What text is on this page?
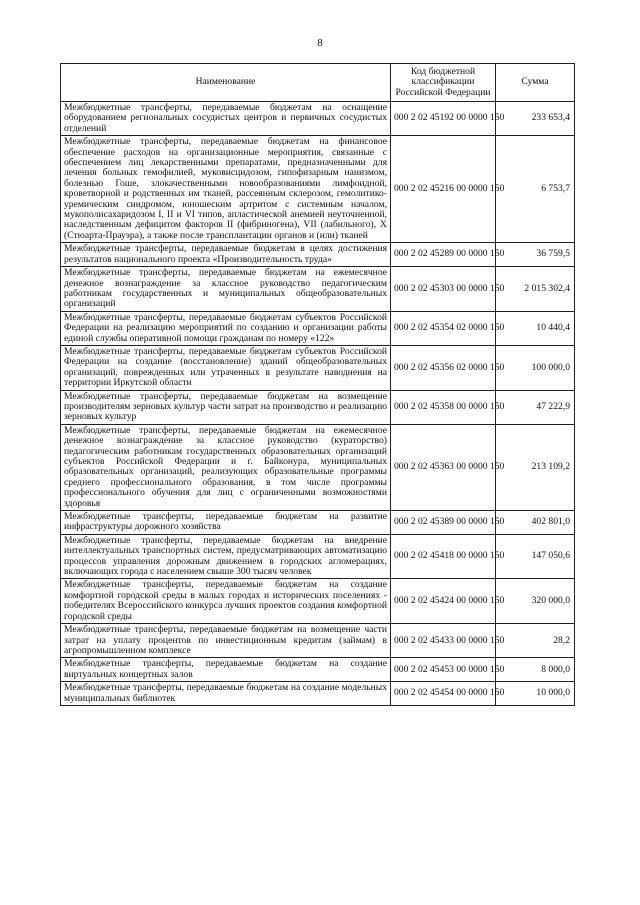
8
Наименование	Код бюджетной классификации Российской Федерации	Сумма
Межбюджетные трансферты, передаваемые бюджетам на оснащение оборудованием региональных сосудистых центров и первичных сосудистых отделений	000 2 02 45192 00 0000 150	233 653,4
Межбюджетные трансферты, передаваемые бюджетам на финансовое обеспечение расходов на организационные мероприятия, связанные с обеспечением лиц лекарственными препаратами, предназначенными для лечения больных гемофилией, муковисцидозом, гипофизарным нанизмом, болезнью Гоше, злокачественными новообразованиями лимфоидной, кроветворной и родственных им тканей, рассеянным склерозом, гемолитико-уремическим синдромом, юношеским артритом с системным началом, мукополисахаридозом I, II и VI типов, апластической анемией неуточненной, наследственным дефицитом факторов II (фибриногена), VII (лабильного), X (Стюарта-Прауэра), а также после трансплантации органов и (или) тканей	000 2 02 45216 00 0000 150	6 753,7
Межбюджетные трансферты, передаваемые бюджетам в целях достижения результатов национального проекта «Производительность труда»	000 2 02 45289 00 0000 150	36 759,5
Межбюджетные трансферты, передаваемые бюджетам на ежемесячное денежное вознаграждение за классное руководство педагогическим работникам государственных и муниципальных общеобразовательных организаций	000 2 02 45303 00 0000 150	2 015 302,4
Межбюджетные трансферты, передаваемые бюджетам субъектов Российской Федерации на реализацию мероприятий по созданию и организации работы единой службы оперативной помощи гражданам по номеру «122»	000 2 02 45354 02 0000 150	10 440,4
Межбюджетные трансферты, передаваемые бюджетам субъектов Российской Федерации на создание (восстановление) зданий общеобразовательных организаций, поврежденных или утраченных в результате наводнения на территории Иркутской области	000 2 02 45356 02 0000 150	100 000,0
Межбюджетные трансферты, передаваемые бюджетам на возмещение производителям зерновых культур части затрат на производство и реализацию зерновых культур	000 2 02 45358 00 0000 150	47 222,9
Межбюджетные трансферты, передаваемые бюджетам на ежемесячное денежное вознаграждение за классное руководство (кураторство) педагогическим работникам государственных образовательных организаций субъектов Российской Федерации и г. Байконура, муниципальных образовательных организаций, реализующих образовательные программы среднего профессионального образования, в том числе программы профессионального обучения для лиц с ограниченными возможностями здоровья	000 2 02 45363 00 0000 150	213 109,2
Межбюджетные трансферты, передаваемые бюджетам на развитие инфраструктуры дорожного хозяйства	000 2 02 45389 00 0000 150	402 801,0
Межбюджетные трансферты, передаваемые бюджетам на внедрение интеллектуальных транспортных систем, предусматривающих автоматизацию процессов управления дорожным движением в городских агломерациях, включающих города с населением свыше 300 тысяч человек	000 2 02 45418 00 0000 150	147 050,6
Межбюджетные трансферты, передаваемые бюджетам на создание комфортной городской среды в малых городах и исторических поселениях - победителях Всероссийского конкурса лучших проектов создания комфортной городской среды	000 2 02 45424 00 0000 150	320 000,0
Межбюджетные трансферты, передаваемые бюджетам на возмещение части затрат на уплату процентов по инвестиционным кредитам (займам) в агропромышленном комплексе	000 2 02 45433 00 0000 150	28,2
Межбюджетные трансферты, передаваемые бюджетам на создание виртуальных концертных залов	000 2 02 45453 00 0000 150	8 000,0
Межбюджетные трансферты, передаваемые бюджетам на создание модельных муниципальных библиотек	000 2 02 45454 00 0000 150	10 000,0
